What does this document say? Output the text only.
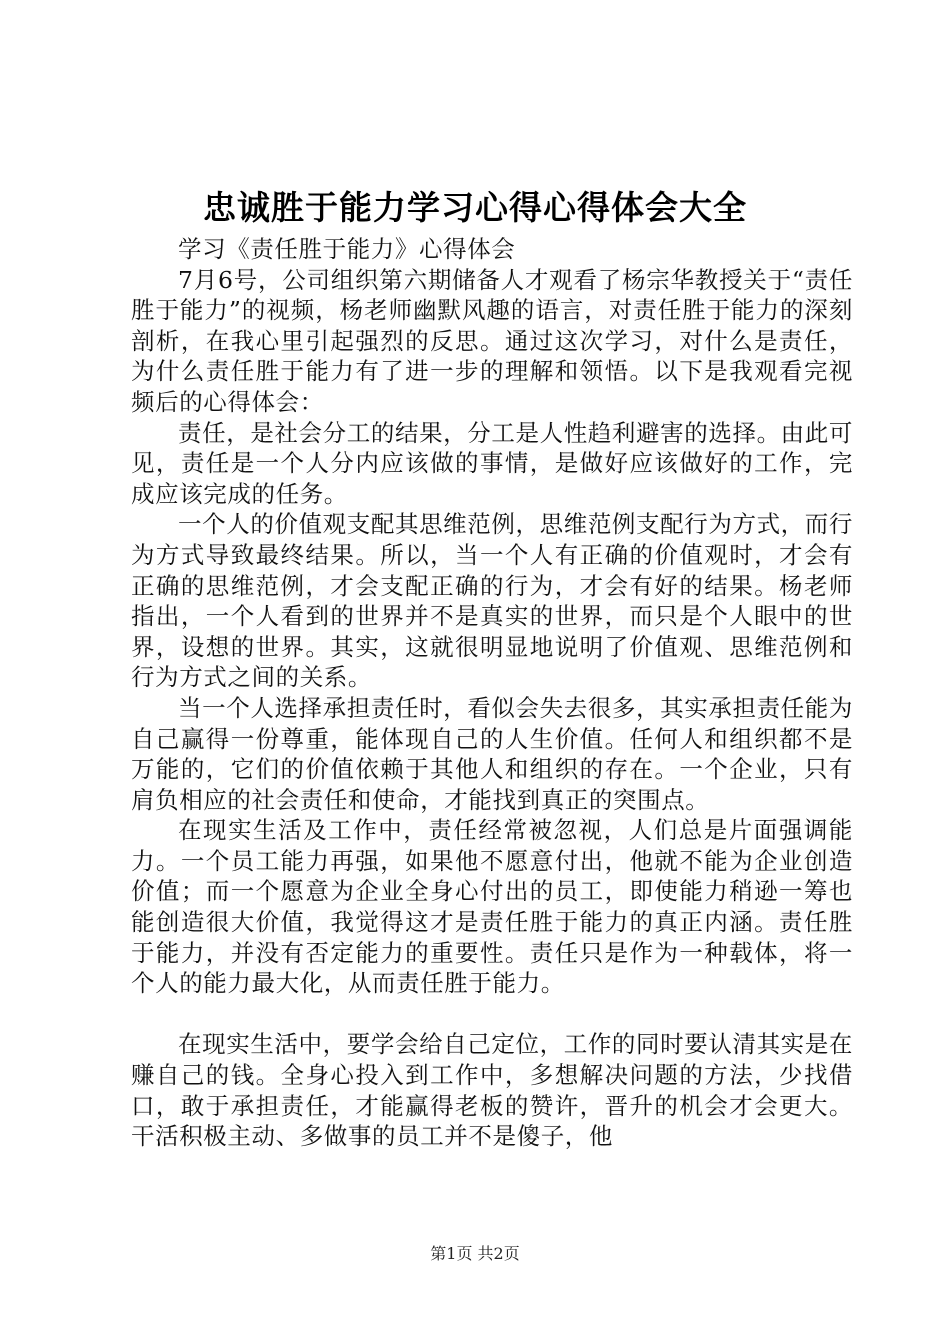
忠诚胜于能力学习心得心得体会大全

学习《责任胜于能力》心得体会

7月6号，公司组织第六期储备人才观看了杨宗华教授关于“责任胜于能力”的视频，杨老师幽默风趣的语言，对责任胜于能力的深刻剖析，在我心里引起强烈的反思。通过这次学习，对什么是责任，为什么责任胜于能力有了进一步的理解和领悟。以下是我观看完视频后的心得体会：

责任，是社会分工的结果，分工是人性趋利避害的选择。由此可见，责任是一个人分内应该做的事情，是做好应该做好的工作，完成应该完成的任务。

一个人的价值观支配其思维范例，思维范例支配行为方式，而行为方式导致最终结果。所以，当一个人有正确的价值观时，才会有正确的思维范例，才会支配正确的行为，才会有好的结果。杨老师指出，一个人看到的世界并不是真实的世界，而只是个人眼中的世界，设想的世界。其实，这就很明显地说明了价值观、思维范例和行为方式之间的关系。

当一个人选择承担责任时，看似会失去很多，其实承担责任能为自己赢得一份尊重，能体现自己的人生价值。任何人和组织都不是万能的，它们的价值依赖于其他人和组织的存在。一个企业，只有肩负相应的社会责任和使命，才能找到真正的突围点。

在现实生活及工作中，责任经常被忽视，人们总是片面强调能力。一个员工能力再强，如果他不愿意付出，他就不能为企业创造价值；而一个愿意为企业全身心付出的员工，即使能力稍逊一筹也能创造很大价值，我觉得这才是责任胜于能力的真正内涵。责任胜于能力，并没有否定能力的重要性。责任只是作为一种载体，将一个人的能力最大化，从而责任胜于能力。

在现实生活中，要学会给自己定位，工作的同时要认清其实是在赚自己的钱。全身心投入到工作中，多想解决问题的方法，少找借口，敢于承担责任，才能赢得老板的赞许，晋升的机会才会更大。干活积极主动、多做事的员工并不是傻子，他

第1页 共2页
